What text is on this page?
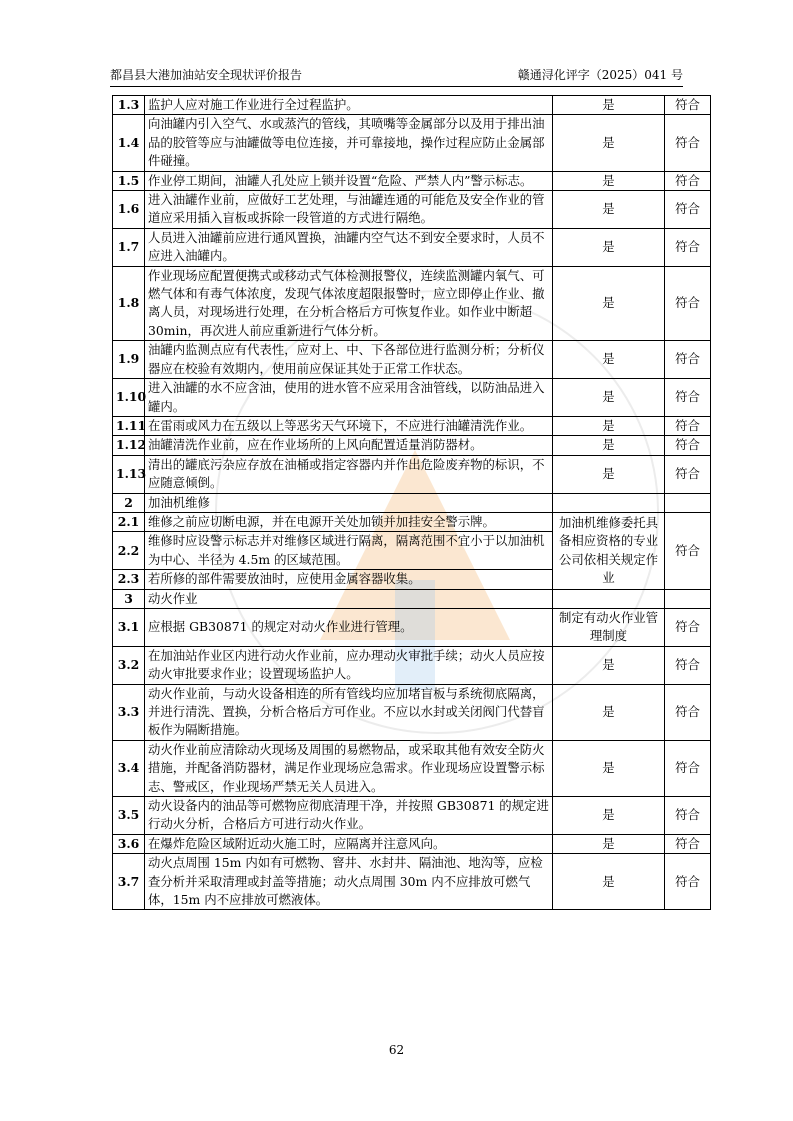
都昌县大港加油站安全现状评价报告	赣通浔化评字（2025）041 号
1.3	监护人应对施工作业进行全过程监护。	是	符合
1.4	向油罐内引入空气、水或蒸汽的管线，其喷嘴等金属部分以及用于排出油品的胶管等应与油罐做等电位连接，并可靠接地，操作过程应防止金属部件碰撞。	是	符合
1.5	作业停工期间，油罐人孔处应上锁并设置“危险、严禁人内”警示标志。	是	符合
1.6	进入油罐作业前，应做好工艺处理，与油罐连通的可能危及安全作业的管道应采用插入盲板或拆除一段管道的方式进行隔绝。	是	符合
1.7	人员进入油罐前应进行通风置换，油罐内空气达不到安全要求时，人员不应进入油罐内。	是	符合
1.8	作业现场应配置便携式或移动式气体检测报警仪，连续监测罐内氧气、可燃气体和有毒气体浓度，发现气体浓度超限报警时，应立即停止作业、撤离人员，对现场进行处理，在分析合格后方可恢复作业。如作业中断超 30min，再次进人前应重新进行气体分析。	是	符合
1.9	油罐内监测点应有代表性，应对上、中、下各部位进行监测分析；分析仪器应在校验有效期内，使用前应保证其处于正常工作状态。	是	符合
1.10	进入油罐的水不应含油，使用的进水管不应采用含油管线，以防油品进入罐内。	是	符合
1.11	在雷雨或风力在五级以上等恶劣天气环境下，不应进行油罐清洗作业。	是	符合
1.12	油罐清洗作业前，应在作业场所的上风向配置适量消防器材。	是	符合
1.13	清出的罐底污杂应存放在油桶或指定容器内并作出危险废弃物的标识，不应随意倾倒。	是	符合
2	加油机维修		
2.1	维修之前应切断电源，并在电源开关处加锁并加挂安全警示牌。	加油机维修委托具备相应资格的专业公司依相关规定作业	符合
2.2	维修时应设警示标志并对维修区域进行隔离，隔离范围不宜小于以加油机为中心、半径为 4.5m 的区域范围。		
2.3	若所修的部件需要放油时，应使用金属容器收集。		
3	动火作业		
3.1	应根据 GB30871 的规定对动火作业进行管理。	制定有动火作业管理制度	符合
3.2	在加油站作业区内进行动火作业前，应办理动火审批手续；动火人员应按动火审批要求作业；设置现场监护人。	是	符合
3.3	动火作业前，与动火设备相连的所有管线均应加堵盲板与系统彻底隔离，并进行清洗、置换，分析合格后方可作业。不应以水封或关闭阀门代替盲板作为隔断措施。	是	符合
3.4	动火作业前应清除动火现场及周围的易燃物品，或采取其他有效安全防火措施，并配备消防器材，满足作业现场应急需求。作业现场应设置警示标志、警戒区，作业现场严禁无关人员进入。	是	符合
3.5	动火设备内的油品等可燃物应彻底清理干净，并按照 GB30871 的规定进行动火分析，合格后方可进行动火作业。	是	符合
3.6	在爆炸危险区域附近动火施工时，应隔离并注意风向。	是	符合
3.7	动火点周围 15m 内如有可燃物、窨井、水封井、隔油池、地沟等，应检查分析并采取清理或封盖等措施；动火点周围 30m 内不应排放可燃气体，15m 内不应排放可燃液体。	是	符合
62
